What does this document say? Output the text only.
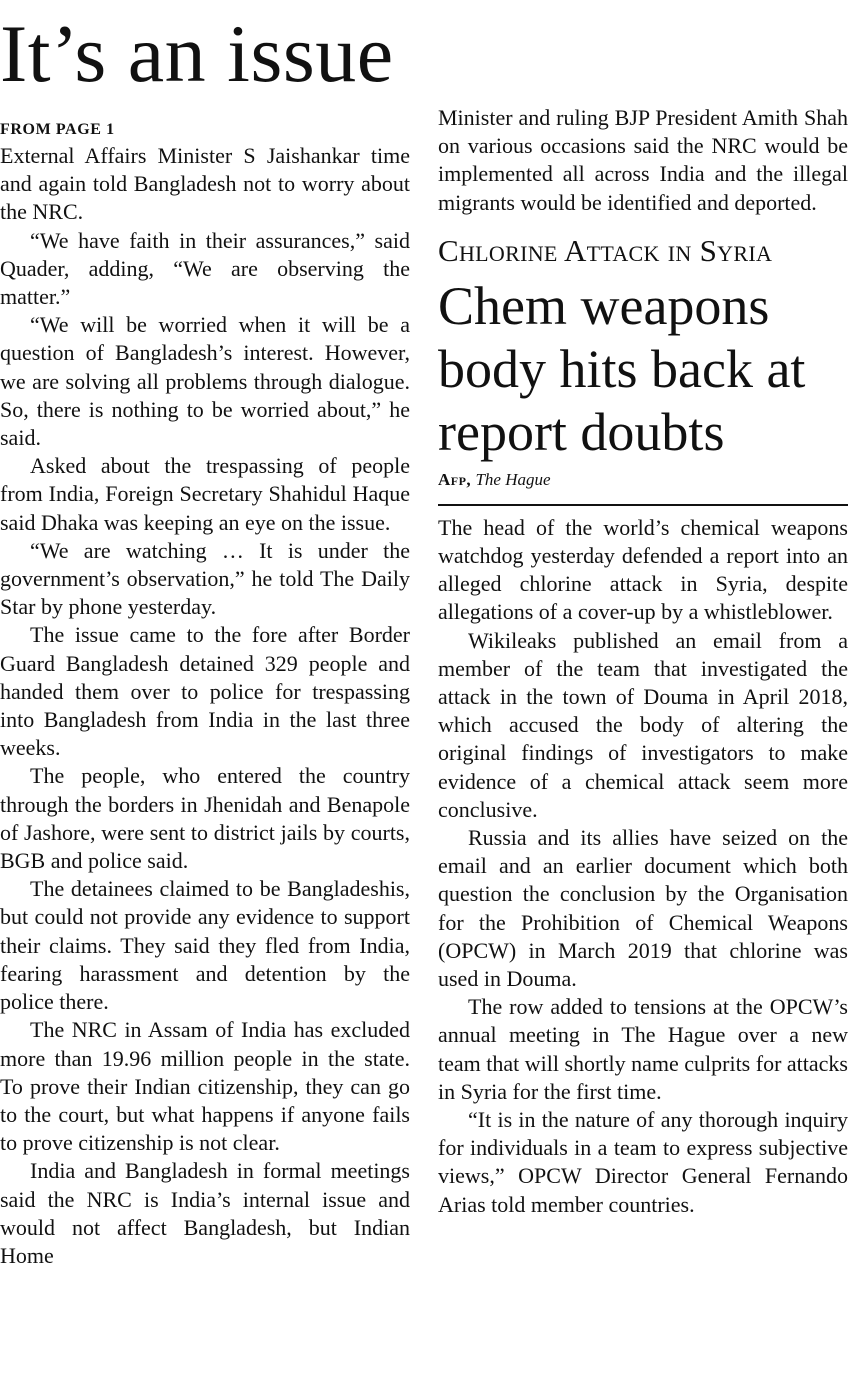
It’s an issue
FROM PAGE 1

External Affairs Minister S Jaishankar time and again told Bangladesh not to worry about the NRC.

“We have faith in their assurances,” said Quader, adding, “We are observing the matter.”

“We will be worried when it will be a question of Bangladesh’s interest. However, we are solving all problems through dialogue. So, there is nothing to be worried about,” he said.

Asked about the trespassing of people from India, Foreign Secretary Shahidul Haque said Dhaka was keeping an eye on the issue.

“We are watching … It is under the government’s observation,” he told The Daily Star by phone yesterday.

The issue came to the fore after Border Guard Bangladesh detained 329 people and handed them over to police for trespassing into Bangladesh from India in the last three weeks.

The people, who entered the country through the borders in Jhenidah and Benapole of Jashore, were sent to district jails by courts, BGB and police said.

The detainees claimed to be Bangladeshis, but could not provide any evidence to support their claims. They said they fled from India, fearing harassment and detention by the police there.

The NRC in Assam of India has excluded more than 19.96 million people in the state. To prove their Indian citizenship, they can go to the court, but what happens if anyone fails to prove citizenship is not clear.

India and Bangladesh in formal meetings said the NRC is India’s internal issue and would not affect Bangladesh, but Indian Home

Minister and ruling BJP President Amith Shah on various occasions said the NRC would be implemented all across India and the illegal migrants would be identified and deported.

Chlorine Attack in Syria
Chem weapons body hits back at report doubts
Afp, The Hague

The head of the world’s chemical weapons watchdog yesterday defended a report into an alleged chlorine attack in Syria, despite allegations of a cover-up by a whistleblower.

Wikileaks published an email from a member of the team that investigated the attack in the town of Douma in April 2018, which accused the body of altering the original findings of investigators to make evidence of a chemical attack seem more conclusive.

Russia and its allies have seized on the email and an earlier document which both question the conclusion by the Organisation for the Prohibition of Chemical Weapons (OPCW) in March 2019 that chlorine was used in Douma.

The row added to tensions at the OPCW’s annual meeting in The Hague over a new team that will shortly name culprits for attacks in Syria for the first time.

“It is in the nature of any thorough inquiry for individuals in a team to express subjective views,” OPCW Director General Fernando Arias told member countries.
